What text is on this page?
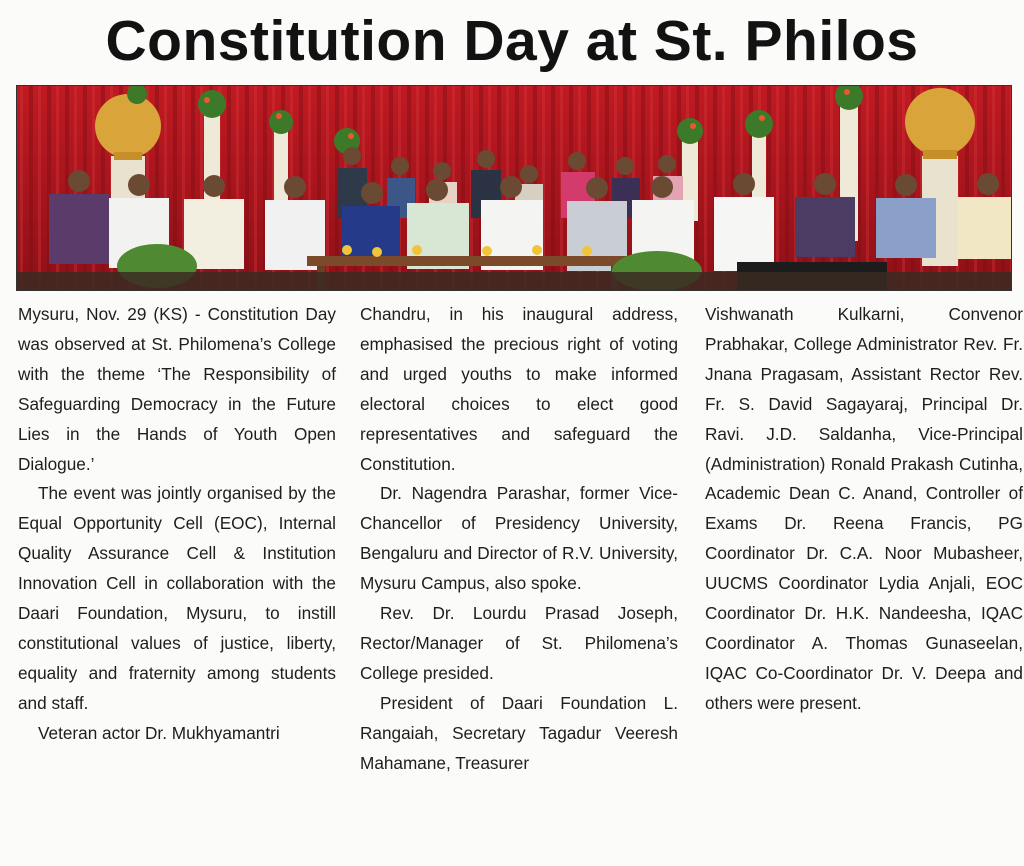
Constitution Day at St. Philos

Mysuru, Nov. 29 (KS) - Constitution Day was observed at St. Philomena’s College with the theme ‘The Responsibility of Safeguarding Democracy in the Future Lies in the Hands of Youth Open Dialogue.’

The event was jointly organised by the Equal Opportunity Cell (EOC), Internal Quality Assurance Cell & Institution Innovation Cell in collaboration with the Daari Foundation, Mysuru, to instill constitutional values of justice, liberty, equality and fraternity among students and staff.

Veteran actor Dr. Mukhyamantri

Chandru, in his inaugural address, emphasised the precious right of voting and urged youths to make informed electoral choices to elect good representatives and safeguard the Constitution.

Dr. Nagendra Parashar, former Vice-Chancellor of Presidency University, Bengaluru and Director of R.V. University, Mysuru Campus, also spoke.

Rev. Dr. Lourdu Prasad Joseph, Rector/Manager of St. Philomena’s College presided.

President of Daari Foundation L. Rangaiah, Secretary Tagadur Veeresh Mahamane, Treasurer

Vishwanath Kulkarni, Convenor Prabhakar, College Administrator Rev. Fr. Jnana Pragasam, Assistant Rector Rev. Fr. S. David Sagayaraj, Principal Dr. Ravi. J.D. Saldanha, Vice-Principal (Administration) Ronald Prakash Cutinha, Academic Dean C. Anand, Controller of Exams Dr. Reena Francis, PG Coordinator Dr. C.A. Noor Mubasheer, UUCMS Coordinator Lydia Anjali, EOC Coordinator Dr. H.K. Nandeesha, IQAC Coordinator A. Thomas Gunaseelan, IQAC Co-Coordinator Dr. V. Deepa and others were present.
